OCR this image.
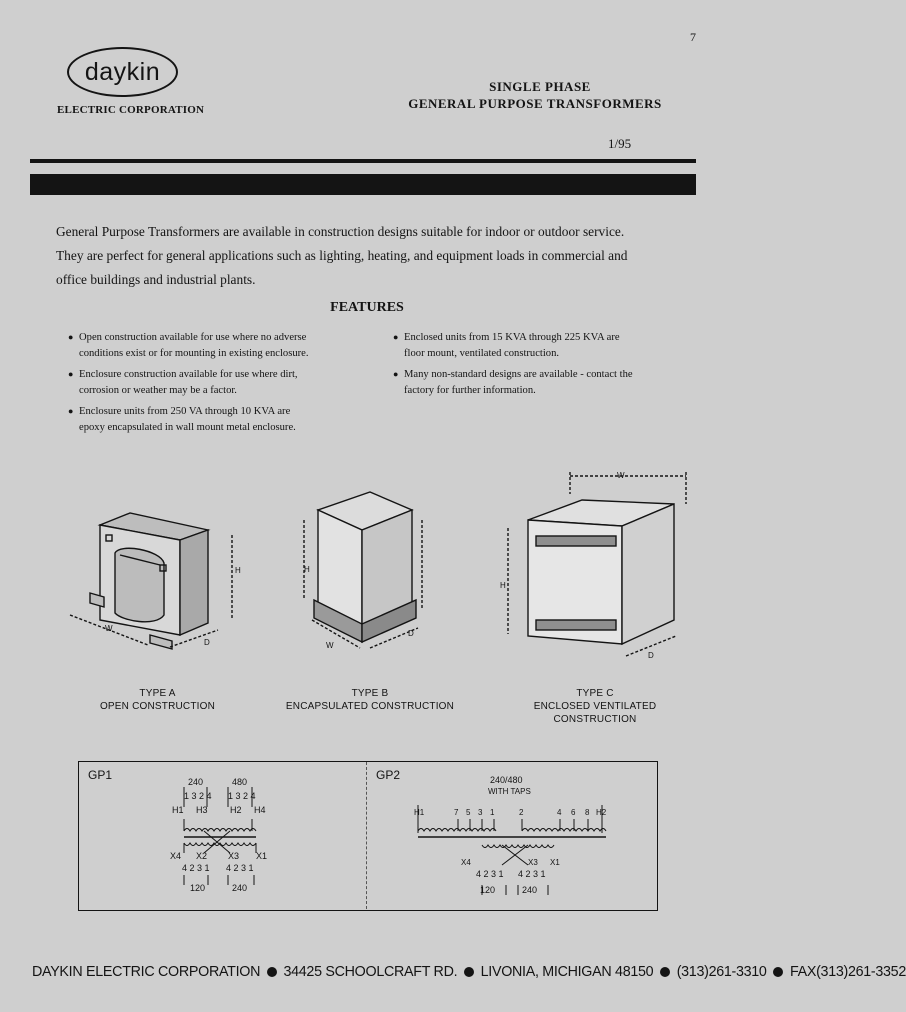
7
daykin
ELECTRIC CORPORATION
SINGLE PHASE
GENERAL PURPOSE TRANSFORMERS
1/95

General Purpose Transformers are available in construction designs suitable for indoor or outdoor service.

They are perfect for general applications such as lighting, heating, and equipment loads in commercial and

office buildings and industrial plants.

FEATURES
● Open construction available for use where no adverse
conditions exist or for mounting in existing enclosure.
● Enclosure construction available for use where dirt,
corrosion or weather may be a factor.
● Enclosure units from 250 VA through 10 KVA are
epoxy encapsulated in wall mount metal enclosure.
● Enclosed units from 15 KVA through 225 KVA are
floor mount, ventilated construction.
● Many non-standard designs are available - contact the
factory for further information.
H
W
D
H
W
D
W
H
D
TYPE A
OPEN CONSTRUCTION
TYPE B
ENCAPSULATED CONSTRUCTION
TYPE C
ENCLOSED VENTILATED
CONSTRUCTION
GP1	240	480
1 3 2 4 1 3 2 4
H1 H3 H2 H4
X4 X2 X3 X1
4 2 3 1 4 2 3 1
120	240
GP2	240/480
WITH TAPS
H1	7 5 3 1	2	4 6 8 H2
X4	X3 X1
4 2 3 1 4 2 3 1
120	240
DAYKIN ELECTRIC CORPORATION 34425 SCHOOLCRAFT RD. LIVONIA, MICHIGAN 48150 (313)261-3310 FAX(313)261-3352
